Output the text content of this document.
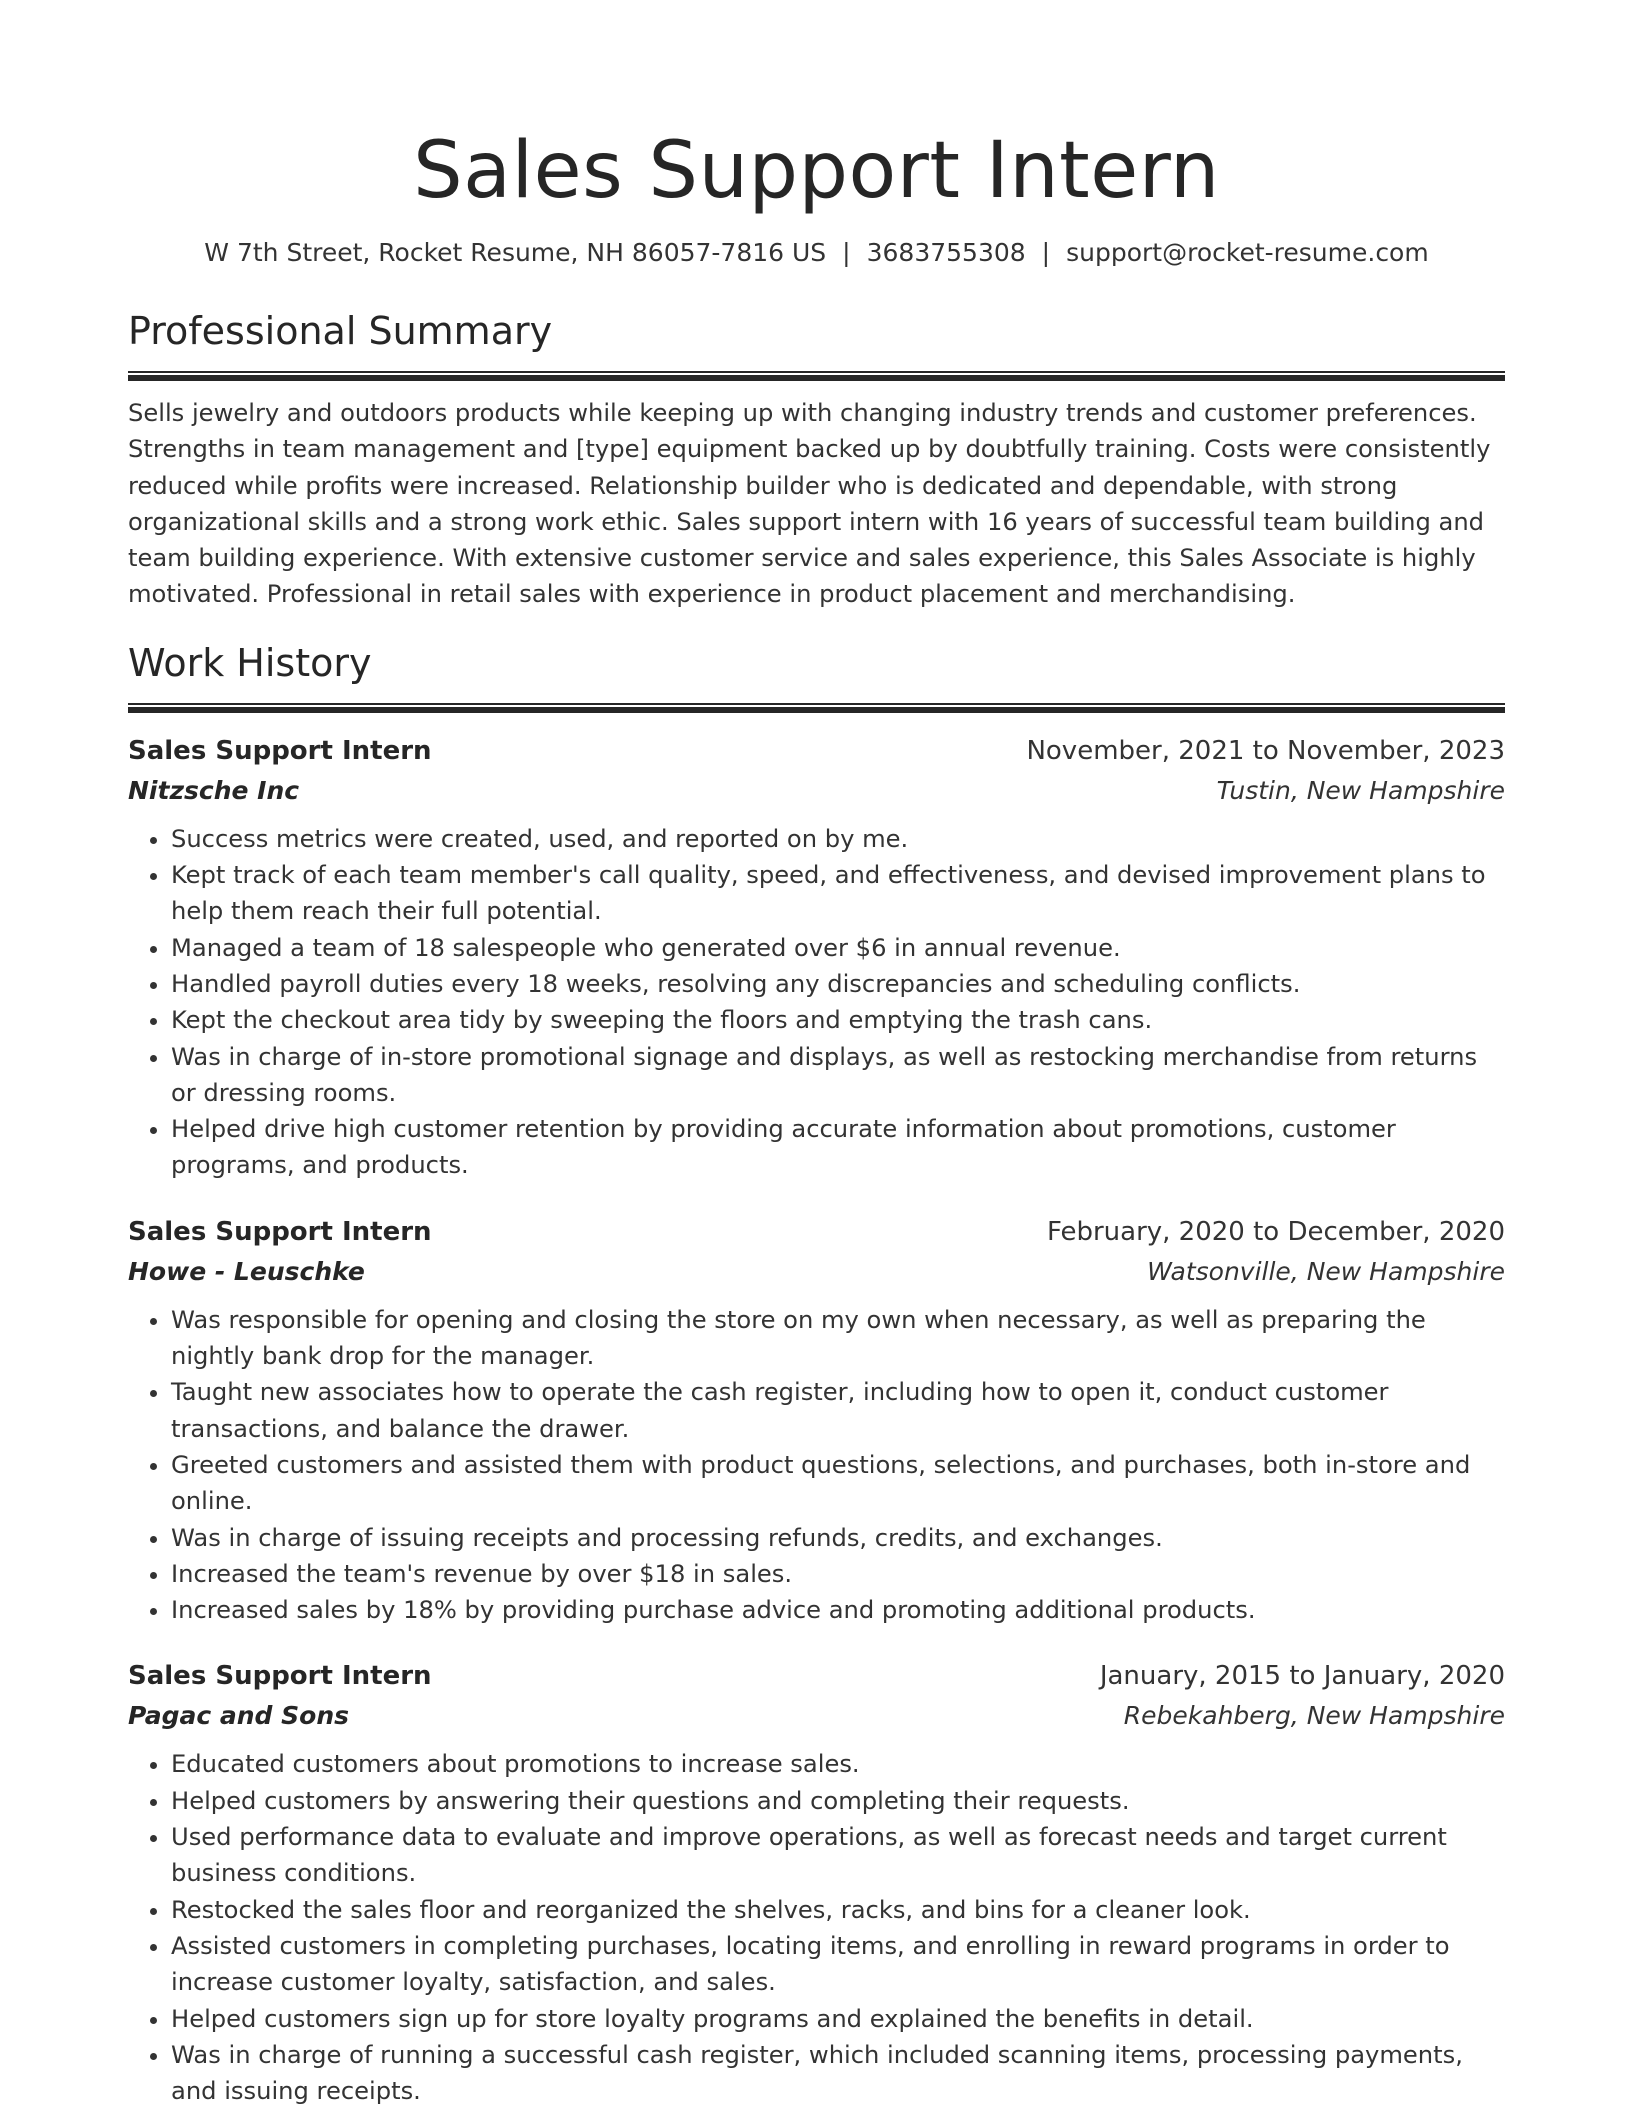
Sales Support Intern
W 7th Street, Rocket Resume, NH 86057-7816 US | 3683755308 | support@rocket-resume.com
Professional Summary

Sells jewelry and outdoors products while keeping up with changing industry trends and customer preferences. Strengths in team management and [type] equipment backed up by doubtfully training. Costs were consistently reduced while profits were increased. Relationship builder who is dedicated and dependable, with strong organizational skills and a strong work ethic. Sales support intern with 16 years of successful team building and team building experience. With extensive customer service and sales experience, this Sales Associate is highly motivated. Professional in retail sales with experience in product placement and merchandising.

Work History
Sales Support Intern	November, 2021 to November, 2023
Nitzsche Inc	Tustin, New Hampshire
• Success metrics were created, used, and reported on by me.
• Kept track of each team member's call quality, speed, and effectiveness, and devised improvement plans to help them reach their full potential.
• Managed a team of 18 salespeople who generated over $6 in annual revenue.
• Handled payroll duties every 18 weeks, resolving any discrepancies and scheduling conflicts.
• Kept the checkout area tidy by sweeping the floors and emptying the trash cans.
• Was in charge of in-store promotional signage and displays, as well as restocking merchandise from returns or dressing rooms.
• Helped drive high customer retention by providing accurate information about promotions, customer programs, and products.
Sales Support Intern	February, 2020 to December, 2020
Howe - Leuschke	Watsonville, New Hampshire
• Was responsible for opening and closing the store on my own when necessary, as well as preparing the nightly bank drop for the manager.
• Taught new associates how to operate the cash register, including how to open it, conduct customer transactions, and balance the drawer.
• Greeted customers and assisted them with product questions, selections, and purchases, both in-store and online.
• Was in charge of issuing receipts and processing refunds, credits, and exchanges.
• Increased the team's revenue by over $18 in sales.
• Increased sales by 18% by providing purchase advice and promoting additional products.
Sales Support Intern	January, 2015 to January, 2020
Pagac and Sons	Rebekahberg, New Hampshire
• Educated customers about promotions to increase sales.
• Helped customers by answering their questions and completing their requests.
• Used performance data to evaluate and improve operations, as well as forecast needs and target current business conditions.
• Restocked the sales floor and reorganized the shelves, racks, and bins for a cleaner look.
• Assisted customers in completing purchases, locating items, and enrolling in reward programs in order to increase customer loyalty, satisfaction, and sales.
• Helped customers sign up for store loyalty programs and explained the benefits in detail.
• Was in charge of running a successful cash register, which included scanning items, processing payments, and issuing receipts.
